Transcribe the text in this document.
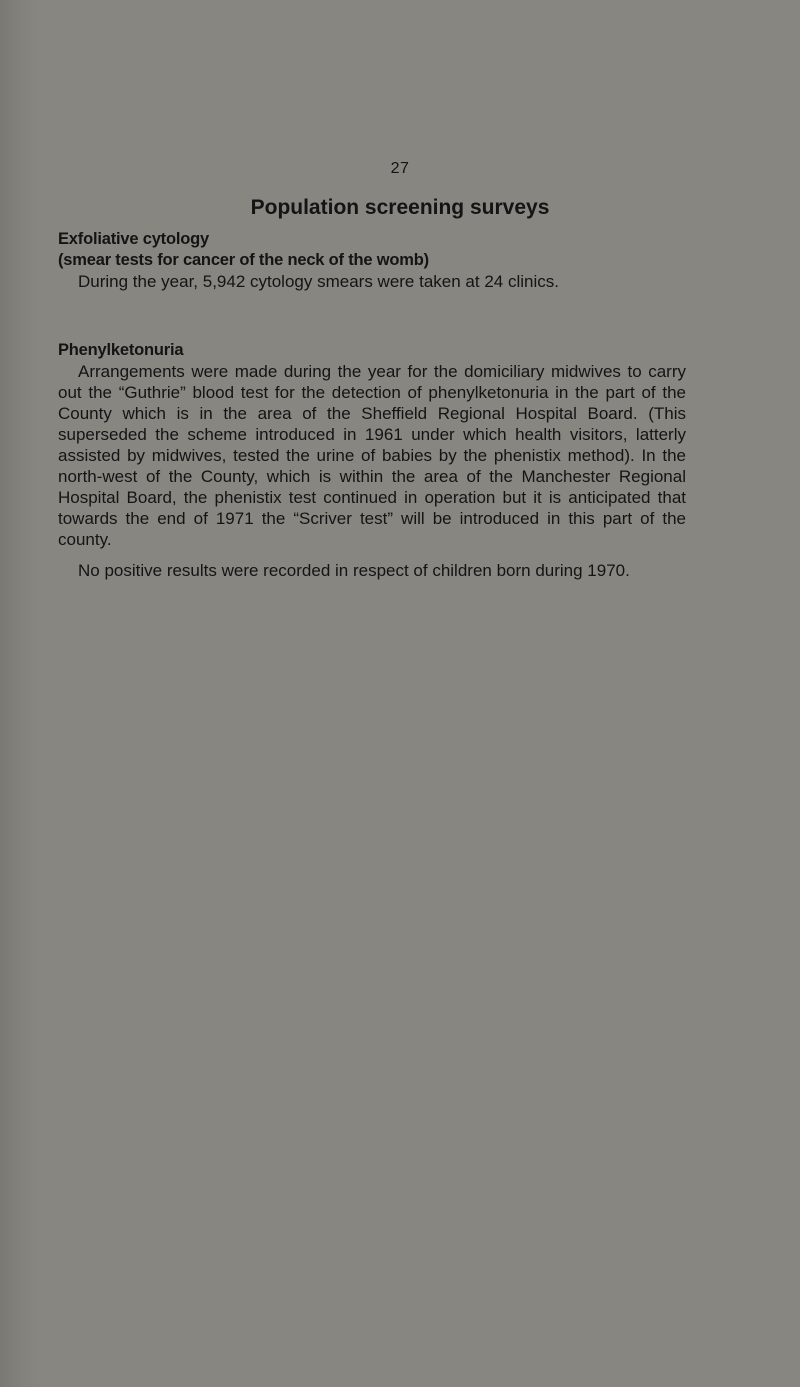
27
Population screening surveys
Exfoliative cytology
(smear tests for cancer of the neck of the womb)

During the year, 5,942 cytology smears were taken at 24 clinics.

Phenylketonuria

Arrangements were made during the year for the domiciliary midwives to carry out the “Guthrie” blood test for the detection of phenylketonuria in the part of the County which is in the area of the Sheffield Regional Hospital Board. (This superseded the scheme introduced in 1961 under which health visitors, latterly assisted by midwives, tested the urine of babies by the phenistix method). In the north-west of the County, which is within the area of the Manchester Regional Hospital Board, the phenistix test continued in operation but it is anticipated that towards the end of 1971 the “Scriver test” will be introduced in this part of the county.

No positive results were recorded in respect of children born during 1970.
